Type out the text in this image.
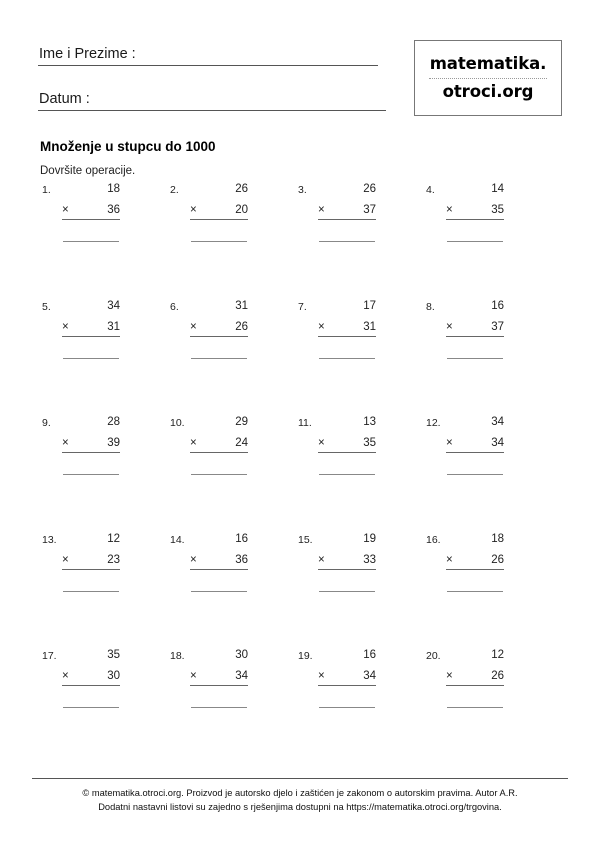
Ime i Prezime :
Datum :
matematika.
otroci.org
Množenje u stupcu do 1000

Dovršite operacije.

1.	18
×	36
2.	26
×	20
3.	26
×	37
4.	14
×	35
5.	34
×	31
6.	31
×	26
7.	17
×	31
8.	16
×	37
9.	28
×	39
10.	29
×	24
11.	13
×	35
12.	34
×	34
13.	12
×	23
14.	16
×	36
15.	19
×	33
16.	18
×	26
17.	35
×	30
18.	30
×	34
19.	16
×	34
20.	12
×	26
© matematika.otroci.org. Proizvod je autorsko djelo i zaštićen je zakonom o autorskim pravima. Autor A.R.
Dodatni nastavni listovi su zajedno s rješenjima dostupni na https://matematika.otroci.org/trgovina.
